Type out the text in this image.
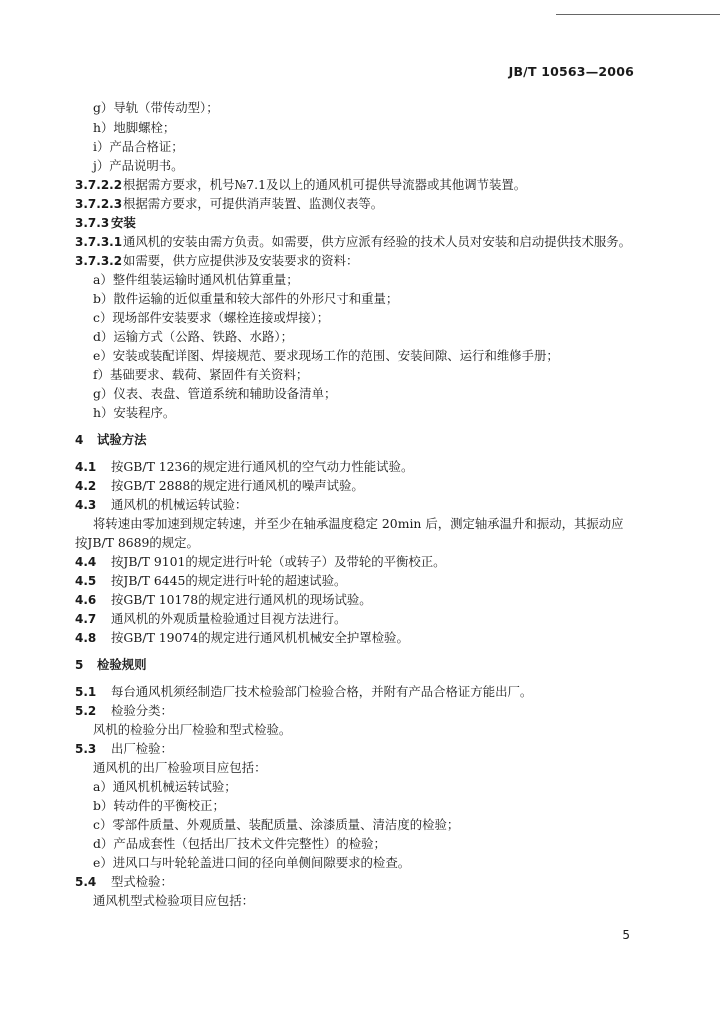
JB/T 10563—2006
g）导轨（带传动型）；
h）地脚螺栓；
i）产品合格证；
j）产品说明书。
3.7.2.2根据需方要求，机号№7.1及以上的通风机可提供导流器或其他调节装置。
3.7.2.3根据需方要求，可提供消声装置、监测仪表等。
3.7.3 安装
3.7.3.1通风机的安装由需方负责。如需要，供方应派有经验的技术人员对安装和启动提供技术服务。
3.7.3.2如需要，供方应提供涉及安装要求的资料：
a）整件组装运输时通风机估算重量；
b）散件运输的近似重量和较大部件的外形尺寸和重量；
c）现场部件安装要求（螺栓连接或焊接）；
d）运输方式（公路、铁路、水路）；
e）安装或装配详图、焊接规范、要求现场工作的范围、安装间隙、运行和维修手册；
f）基础要求、载荷、紧固件有关资料；
g）仪表、表盘、管道系统和辅助设备清单；
h）安装程序。
4 试验方法
4.1 按GB/T 1236的规定进行通风机的空气动力性能试验。
4.2 按GB/T 2888的规定进行通风机的噪声试验。
4.3 通风机的机械运转试验：
将转速由零加速到规定转速，并至少在轴承温度稳定 20min 后，测定轴承温升和振动，其振动应
按JB/T 8689的规定。
4.4 按JB/T 9101的规定进行叶轮（或转子）及带轮的平衡校正。
4.5 按JB/T 6445的规定进行叶轮的超速试验。
4.6 按GB/T 10178的规定进行通风机的现场试验。
4.7 通风机的外观质量检验通过目视方法进行。
4.8 按GB/T 19074的规定进行通风机机械安全护罩检验。
5 检验规则
5.1 每台通风机须经制造厂技术检验部门检验合格，并附有产品合格证方能出厂。
5.2 检验分类：
风机的检验分出厂检验和型式检验。
5.3 出厂检验：
通风机的出厂检验项目应包括：
a）通风机机械运转试验；
b）转动件的平衡校正；
c）零部件质量、外观质量、装配质量、涂漆质量、清洁度的检验；
d）产品成套性（包括出厂技术文件完整性）的检验；
e）进风口与叶轮轮盖进口间的径向单侧间隙要求的检查。
5.4 型式检验：
通风机型式检验项目应包括：
5
